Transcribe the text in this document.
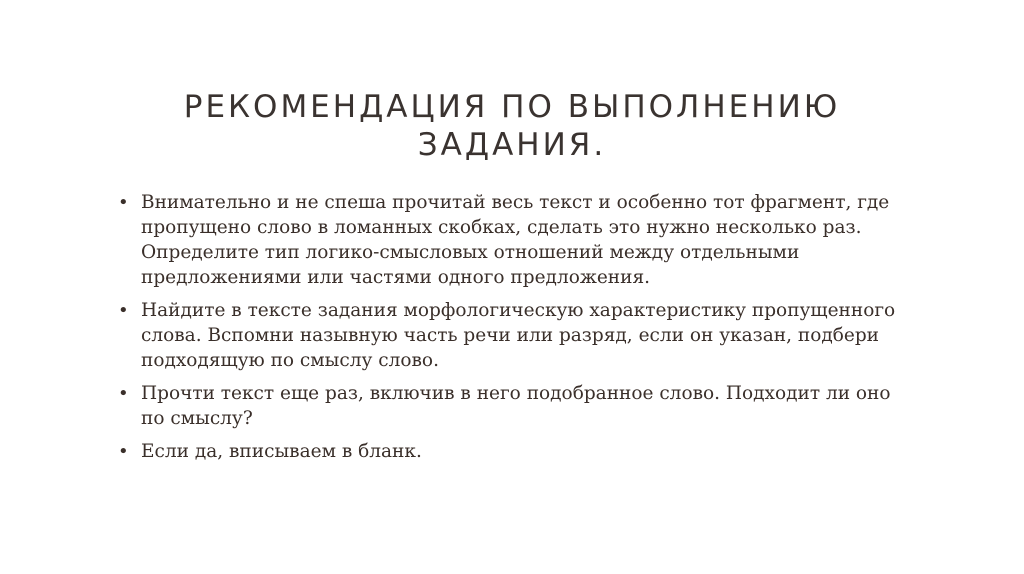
РЕКОМЕНДАЦИЯ ПО ВЫПОЛНЕНИЮ
ЗАДАНИЯ.
• Внимательно и не спеша прочитай весь текст и особенно тот фрагмент, где пропущено слово в ломанных скобках, сделать это нужно несколько раз. Определите тип логико-смысловых отношений между отдельными предложениями или частями одного предложения.
• Найдите в тексте задания морфологическую характеристику пропущенного слова. Вспомни назывную часть речи или разряд, если он указан, подбери подходящую по смыслу слово.
• Прочти текст еще раз, включив в него подобранное слово. Подходит ли оно по смыслу?
• Если да, вписываем в бланк.
